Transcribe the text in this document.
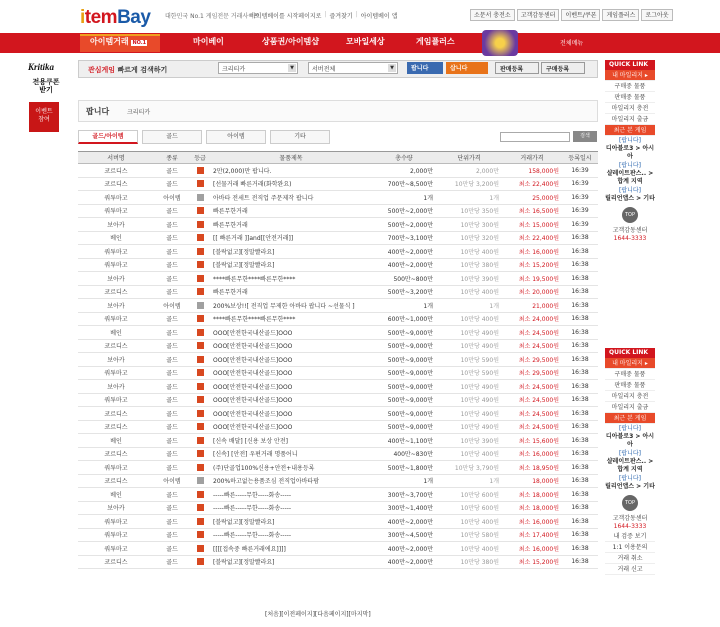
itemBay 대한민국 No.1 게임전문 거래사이트
아이템베이를 시작페이지로 | 즐겨찾기 | 아이템베이 앱	소문서 충전소	고객감동센터	이벤트/쿠폰	게임플러스	로그아웃
아이템거래 NO.1	마이베이	상품권/아이템샵	모바일세상	게임플러스	전체메뉴
Kritika
전용쿠폰
받기
이벤트
참여
관심게임 빠르게 검색하기	크리티카	▼	서버전체	▼	팝니다	삽니다	판매등록	구매등록
팝니다	크리티카
골드/아이템	골드	아이템	기타	검색
서버명	종류	등급	물품제목	총수량	단위가격	거래가격	등록일시
코르디스	골드		2만(2,000)만 팝니다.	2,000만	2,000만	158,000원	16:39
코르디스	골드		[선물거래 빠른거래(화학완요)	700만~8,500만	10만당 3,200원	최소 22,400원	16:39
쿼투마고	아이템		아바타 전세트 전직업 주문제작 팝니다	1개	1개	25,000원	16:39
쿼투마고	골드		빠른무한거래	500만~2,000만	10만당 350원	최소 16,500원	16:39
보아카	골드		빠른무한거래	500만~2,000만	10만당 300원	최소 15,000원	16:39
베인	골드		[[ 빠른거래 ]]and[[안전거래]]	700만~3,100만	10만당 320원	최소 22,400원	16:38
쿼투마고	골드		[블락없고][정말빨라요]	400만~2,000만	10만당 400원	최소 16,000원	16:38
쿼투마고	골드		[블락없고][정말빨라요]	400만~2,000만	10만당 380원	최소 15,200원	16:38
보아카	골드		****빠른무한****빠른무한****	500만~800만	10만당 390원	최소 19,500원	16:38
코르디스	골드		빠른무한거래	500만~3,200만	10만당 400원	최소 20,000원	16:38
보아카	아이템		200%보상!![ 전직업 무제한 아바타 팝니다 ~선물식 ]	1개	1개	21,000원	16:38
쿼투마고	골드		****빠른무한****빠른무한****	600만~1,000만	10만당 400원	최소 24,000원	16:38
베인	골드		OOO[안전한국내산골드]OOO	500만~9,000만	10만당 490원	최소 24,500원	16:38
코르디스	골드		OOO[안전한국내산골드]OOO	500만~9,000만	10만당 490원	최소 24,500원	16:38
보아카	골드		OOO[안전한국내산골드]OOO	500만~9,000만	10만당 590원	최소 29,500원	16:38
쿼투마고	골드		OOO[안전한국내산골드]OOO	500만~9,000만	10만당 590원	최소 29,500원	16:38
보아카	골드		OOO[안전한국내산골드]OOO	500만~9,000만	10만당 490원	최소 24,500원	16:38
쿼투마고	골드		OOO[안전한국내산골드]OOO	500만~9,000만	10만당 490원	최소 24,500원	16:38
코르디스	골드		OOO[안전한국내산골드]OOO	500만~9,000만	10만당 490원	최소 24,500원	16:38
코르디스	골드		OOO[안전한국내산골드]OOO	500만~9,000만	10만당 490원	최소 24,500원	16:38
베인	골드		[신속 배달] [신용 보상 안전]	400만~1,100만	10만당 390원	최소 15,600원	16:38
코르디스	골드		[신속] [안전] 우편거래 명품어니	400만~830만	10만당 400원	최소 16,000원	16:38
쿼투마고	골드		(주)단골업100%신용+안전+내용등록	500만~1,800만	10만당 3,790원	최소 18,950원	16:38
코르디스	아이템		200%하고없는용품조심 전직업아바타팜	1개	1개	18,000원	16:38
베인	골드		-----빠른-----무한-----화송-----	300만~3,700만	10만당 600원	최소 18,000원	16:38
보아카	골드		-----빠른-----무한-----화송-----	300만~1,400만	10만당 600원	최소 18,000원	16:38
쿼투마고	골드		[블락없고][정말빨라요]	400만~2,000만	10만당 400원	최소 16,000원	16:38
쿼투마고	골드		-----빠른-----무한-----화송-----	300만~4,500만	10만당 580원	최소 17,400원	16:38
쿼투마고	골드		[[[[접속중 빠른거래에요]]]]	400만~2,000만	10만당 400원	최소 16,000원	16:38
코르디스	골드		[블락없고][정말빨라요]	400만~2,000만	10만당 380원	최소 15,200원	16:38
[처음][이전페이지][다음페이지][마지막]
QUICK LINK
내 마일리지 ▸
구매중 물품
판매중 물품
마일리지 충전
마일리지 출금
최근 본 게임
[팝니다]
디아블로3 > 아시아
[팝니다]
샬레이트판스.. > 합계 지역
[팝니다]
릴리언앱스 > 기타
TOP
고객감동센터
1644-3333
QUICK LINK
내 마일리지 ▸
구매중 물품
판매중 물품
마일리지 충전
마일리지 출금
최근 본 게임
[팝니다]
디아블로3 > 아시아
[팝니다]
샬레이트판스.. > 합계 지역
[팝니다]
릴리언앱스 > 기타
TOP
고객감동센터
1644-3333
내 검증 보기
1:1 이용문의
거래 취소
거래 신고
